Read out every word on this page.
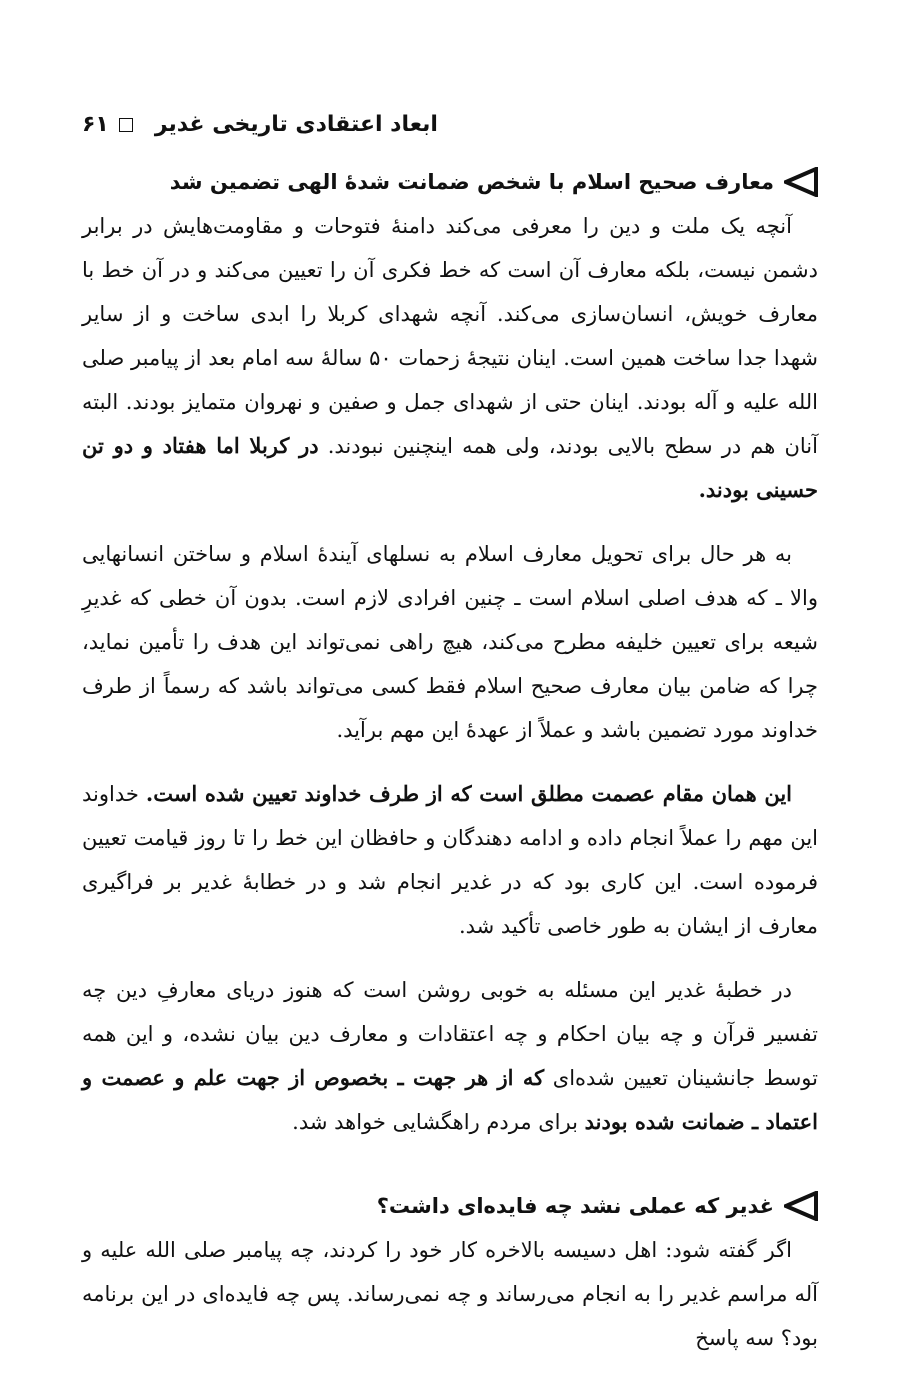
ابعاد اعتقادی تاریخی غدیر
۶۱
معارف صحیح اسلام با شخص ضمانت شدهٔ الهی تضمین شد

آنچه یک ملت و دین را معرفی می‌کند دامنهٔ فتوحات و مقاومت‌هایش در برابر دشمن نیست، بلکه معارف آن است که خط فکری آن را تعیین می‌کند و در آن خط با معارف خویش، انسان‌سازی می‌کند. آنچه شهدای کربلا را ابدی ساخت و از سایر شهدا جدا ساخت همین است. اینان نتیجهٔ زحمات ۵۰ سالهٔ سه امام بعد از پیامبر صلی الله علیه و آله بودند. اینان حتی از شهدای جمل و صفین و نهروان متمایز بودند. البته آنان هم در سطح بالایی بودند، ولی همه اینچنین نبودند. در کربلا اما هفتاد و دو تن حسینی بودند.

به هر حال برای تحویل معارف اسلام به نسلهای آیندهٔ اسلام و ساختن انسانهایی والا ـ که هدف اصلی اسلام است ـ چنین افرادی لازم است. بدون آن خطی که غدیرِ شیعه برای تعیین خلیفه مطرح می‌کند، هیچ راهی نمی‌تواند این هدف را تأمین نماید، چرا که ضامن بیان معارف صحیح اسلام فقط کسی می‌تواند باشد که رسماً از طرف خداوند مورد تضمین باشد و عملاً از عهدهٔ این مهم برآید.

این همان مقام عصمت مطلق است که از طرف خداوند تعیین شده است. خداوند این مهم را عملاً انجام داده و ادامه دهندگان و حافظان این خط را تا روز قیامت تعیین فرموده است. این کاری بود که در غدیر انجام شد و در خطابهٔ غدیر بر فراگیری معارف از ایشان به طور خاصی تأکید شد.

در خطبهٔ غدیر این مسئله به خوبی روشن است که هنوز دریای معارفِ دین چه تفسیر قرآن و چه بیان احکام و چه اعتقادات و معارف دین بیان نشده، و این همه توسط جانشینان تعیین شده‌ای که از هر جهت ـ بخصوص از جهت علم و عصمت و اعتماد ـ ضمانت شده بودند برای مردم راهگشایی خواهد شد.

غدیر که عملی نشد چه فایده‌ای داشت؟

اگر گفته شود: اهل دسیسه بالاخره کار خود را کردند، چه پیامبر صلی الله علیه و آله مراسم غدیر را به انجام می‌رساند و چه نمی‌رساند. پس چه فایده‌ای در این برنامه بود؟ سه پاسخ
